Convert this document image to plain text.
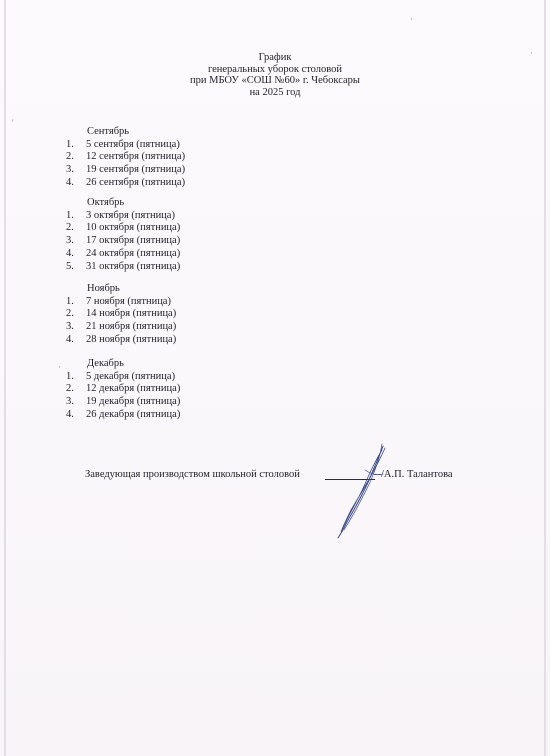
График
генеральных уборок столовой
при МБОУ «СОШ №60» г. Чебоксары
на 2025 год
Сентябрь
1. 5 сентября (пятница)
2. 12 сентября (пятница)
3. 19 сентября (пятница)
4. 26 сентября (пятница)
Октябрь
1. 3 октября (пятница)
2. 10 октября (пятница)
3. 17 октября (пятница)
4. 24 октября (пятница)
5. 31 октября (пятница)
Ноябрь
1. 7 ноября (пятница)
2. 14 ноября (пятница)
3. 21 ноября (пятница)
4. 28 ноября (пятница)
Декабрь
1. 5 декабря (пятница)
2. 12 декабря (пятница)
3. 19 декабря (пятница)
4. 26 декабря (пятница)
Заведующая производством школьной столовой	--/А.П. Талантова
'
·
·
·
